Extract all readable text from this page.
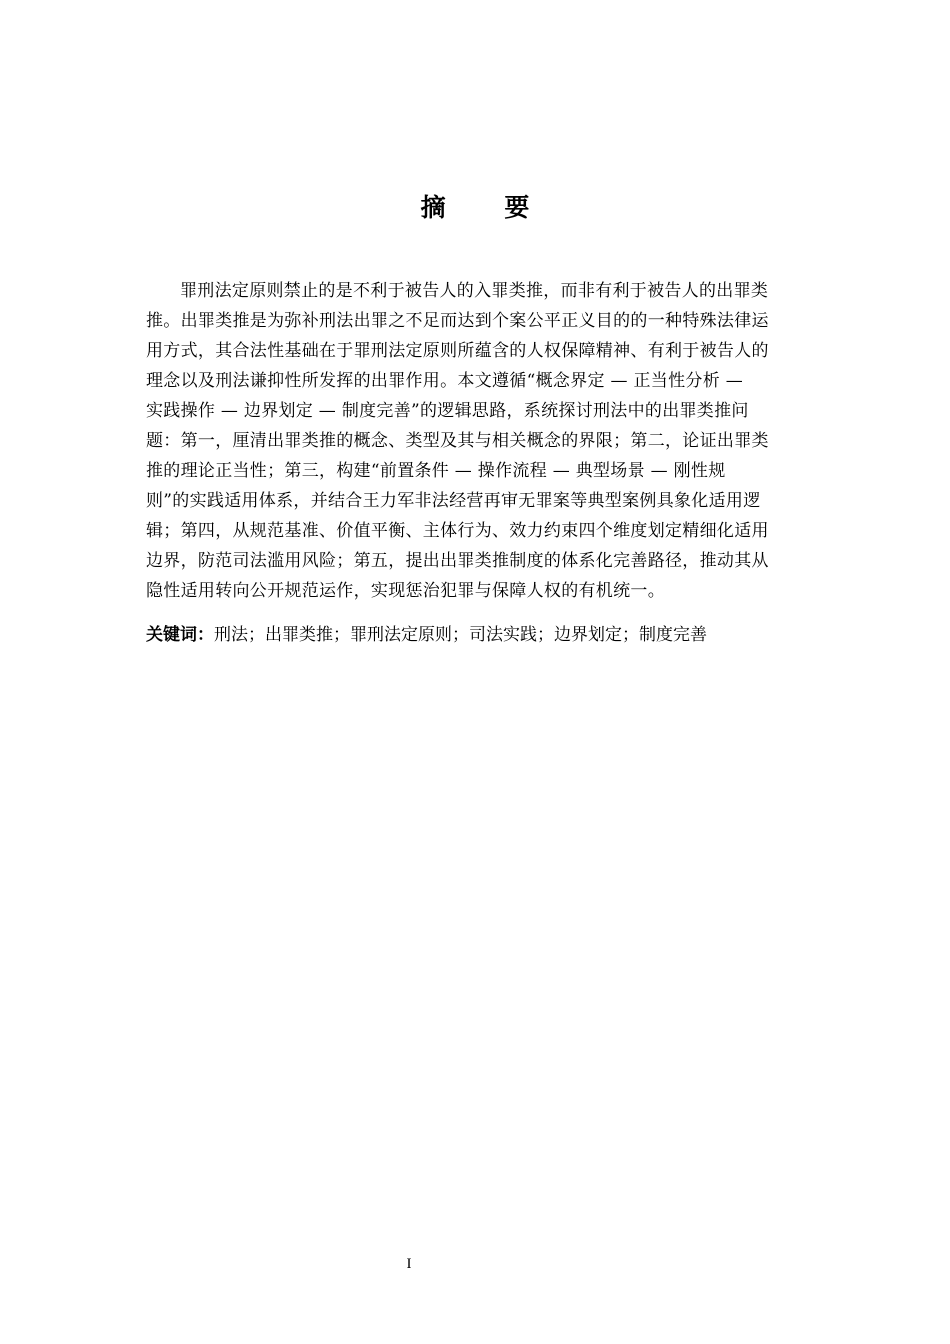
摘 要
罪刑法定原则禁止的是不利于被告人的入罪类推，而非有利于被告人的出罪类
推。出罪类推是为弥补刑法出罪之不足而达到个案公平正义目的的一种特殊法律运
用方式，其合法性基础在于罪刑法定原则所蕴含的人权保障精神、有利于被告人的
理念以及刑法谦抑性所发挥的出罪作用。本文遵循“概念界定 — 正当性分析 —
实践操作 — 边界划定 — 制度完善”的逻辑思路，系统探讨刑法中的出罪类推问
题：第一，厘清出罪类推的概念、类型及其与相关概念的界限；第二，论证出罪类
推的理论正当性；第三，构建“前置条件 — 操作流程 — 典型场景 — 刚性规
则”的实践适用体系，并结合王力军非法经营再审无罪案等典型案例具象化适用逻
辑；第四，从规范基准、价值平衡、主体行为、效力约束四个维度划定精细化适用
边界，防范司法滥用风险；第五，提出出罪类推制度的体系化完善路径，推动其从
隐性适用转向公开规范运作，实现惩治犯罪与保障人权的有机统一。

关键词：刑法；出罪类推；罪刑法定原则；司法实践；边界划定；制度完善

I
